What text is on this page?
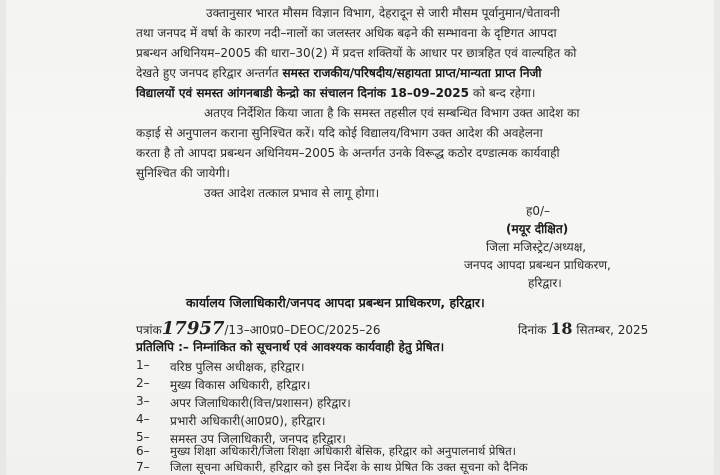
उक्तानुसार भारत मौसम विज्ञान विभाग, देहरादून से जारी मौसम पूर्वानुमान/चेतावनी
तथा जनपद में वर्षा के कारण नदी–नालों का जलस्तर अधिक बढ़ने की सम्भावना के दृष्टिगत आपदा
प्रबन्धन अधिनियम–2005 की धारा–30(2) में प्रदत्त शक्तियों के आधार पर छात्रहित एवं वाल्यहित को
देखते हुए जनपद हरिद्वार अन्तर्गत समस्त राजकीय/परिषदीय/सहायता प्राप्त/मान्यता प्राप्त निजी
विद्यालयों एवं समस्त आंगनबाडी केन्द्रो का संचालन दिनांक 18–09–2025 को बन्द रहेगा।
अतएव निर्देशित किया जाता है कि समस्त तहसील एवं सम्बन्धित विभाग उक्त आदेश का
कड़ाई से अनुपालन कराना सुनिश्चित करें। यदि कोई विद्यालय/विभाग उक्त आदेश की अवहेलना
करता है तो आपदा प्रबन्धन अधिनियम–2005 के अन्तर्गत उनके विरूद्ध कठोर दण्डात्मक कार्यवाही
सुनिश्चित की जायेगी।
उक्त आदेश तत्काल प्रभाव से लागू होगा।
ह0/–
(मयूर दीक्षित)
जिला मजिस्ट्रेट/अध्यक्ष,
जनपद आपदा प्रबन्धन प्राधिकरण,
हरिद्वार।
कार्यालय जिलाधिकारी/जनपद आपदा प्रबन्धन प्राधिकरण, हरिद्वार।
पत्रांक17957/13–आ0प्र0–DEOC/2025–26	दिनांक 18 सितम्बर, 2025
प्रतिलिपि :– निम्नांकित को सूचनार्थ एवं आवश्यक कार्यवाही हेतु प्रेषित।
1– वरिष्ठ पुलिस अधीक्षक, हरिद्वार।
2– मुख्य विकास अधिकारी, हरिद्वार।
3– अपर जिलाधिकारी(वित्त/प्रशासन) हरिद्वार।
4– प्रभारी अधिकारी(आ0प्र0), हरिद्वार।
5– समस्त उप जिलाधिकारी, जनपद हरिद्वार।
6– मुख्य शिक्षा अधिकारी/जिला शिक्षा अधिकारी बेसिक, हरिद्वार को अनुपालनार्थ प्रेषित।
7– जिला सूचना अधिकारी, हरिद्वार को इस निर्देश के साथ प्रेषित कि उक्त सूचना को दैनिक
